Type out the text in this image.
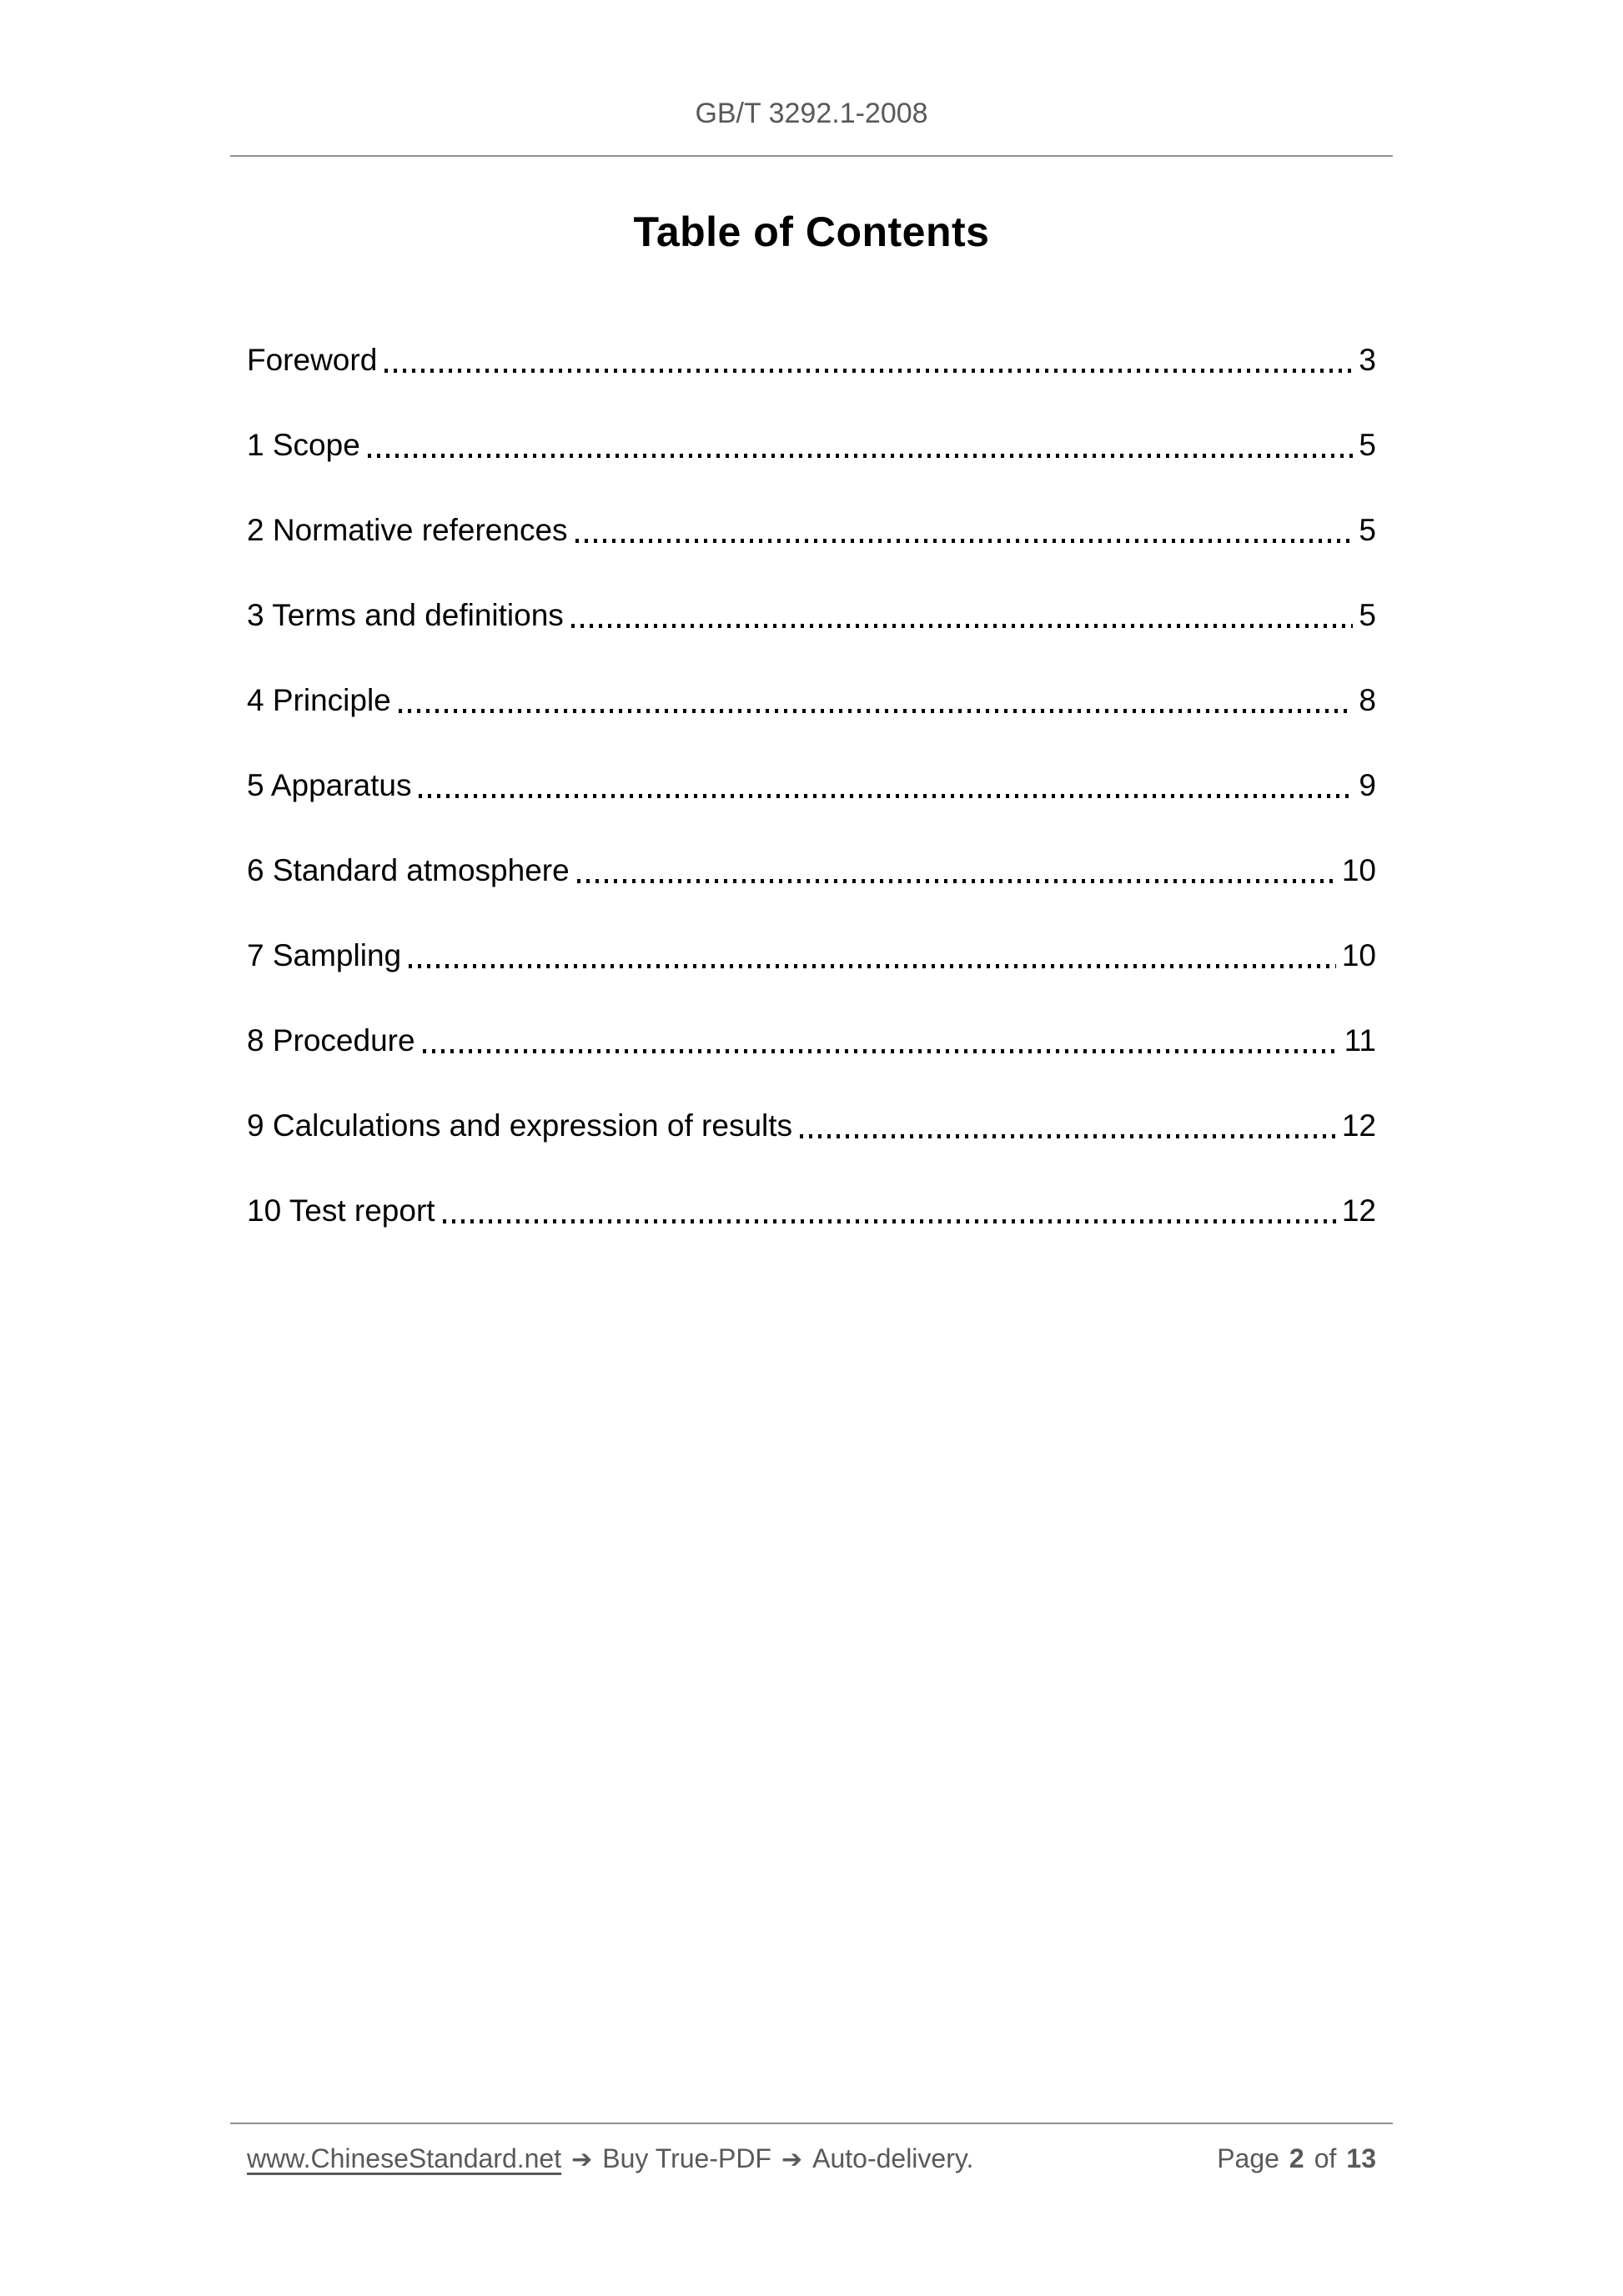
GB/T 3292.1-2008
Table of Contents
Foreword	3
1 Scope	5
2 Normative references	5
3 Terms and definitions	5
4 Principle	8
5 Apparatus	9
6 Standard atmosphere	10
7 Sampling	10
8 Procedure	11
9 Calculations and expression of results	12
10 Test report	12
www.ChineseStandard.net ➔ Buy True-PDF ➔ Auto-delivery.	Page 2 of 13
